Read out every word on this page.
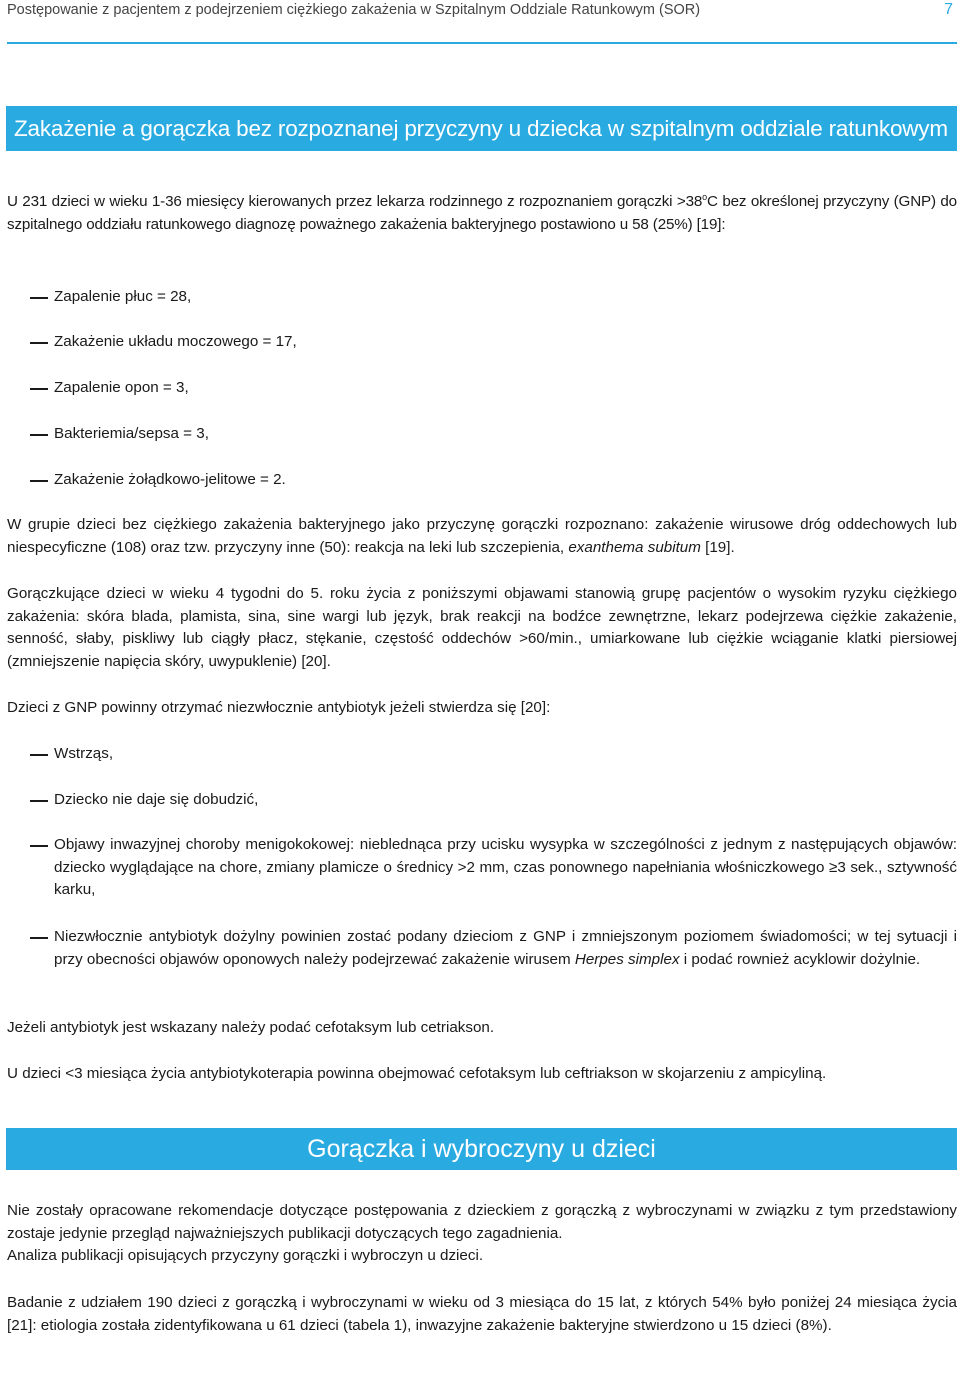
Postępowanie z pacjentem z podejrzeniem ciężkiego zakażenia w Szpitalnym Oddziale Ratunkowym (SOR)	7
Zakażenie a gorączka bez rozpoznanej przyczyny u dziecka w szpitalnym oddziale ratunkowym

U 231 dzieci w wieku 1-36 miesięcy kierowanych przez lekarza rodzinnego z rozpoznaniem gorączki $>38^oC$ bez określonej przyczyny (GNP) do szpitalnego oddziału ratunkowego diagnozę poważnego zakażenia bakteryjnego postawiono u 58 (25%) [19]:

Zapalenie płuc = 28,
Zakażenie układu moczowego = 17,
Zapalenie opon = 3,
Bakteriemia/sepsa = 3,
Zakażenie żołądkowo-jelitowe = 2.

W grupie dzieci bez ciężkiego zakażenia bakteryjnego jako przyczynę gorączki rozpoznano: zakażenie wirusowe dróg oddechowych lub niespecyficzne (108) oraz tzw. przyczyny inne (50): reakcja na leki lub szczepienia, exanthema subitum [19].

Gorączkujące dzieci w wieku 4 tygodni do 5. roku życia z poniższymi objawami stanowią grupę pacjentów o wysokim ryzyku ciężkiego zakażenia: skóra blada, plamista, sina, sine wargi lub język, brak reakcji na bodźce zewnętrzne, lekarz podejrzewa ciężkie zakażenie, senność, słaby, piskliwy lub ciągły płacz, stękanie, częstość oddechów >60/min., umiarkowane lub ciężkie wciąganie klatki piersiowej (zmniejszenie napięcia skóry, uwypuklenie) [20].

Dzieci z GNP powinny otrzymać niezwłocznie antybiotyk jeżeli stwierdza się [20]:

Wstrząs,
Dziecko nie daje się dobudzić,
Objawy inwazyjnej choroby menigokokowej: nieblednąca przy ucisku wysypka w szczególności z jednym z następujących objawów: dziecko wyglądające na chore, zmiany plamicze o średnicy >2 mm, czas ponownego napełniania włośniczkowego ≥3 sek., sztywność karku,
Niezwłocznie antybiotyk dożylny powinien zostać podany dzieciom z GNP i zmniejszonym poziomem świadomości; w tej sytuacji i przy obecności objawów oponowych należy podejrzewać zakażenie wirusem Herpes simplex i podać rownież acyklowir dożylnie.

Jeżeli antybiotyk jest wskazany należy podać cefotaksym lub cetriakson.

U dzieci <3 miesiąca życia antybiotykoterapia powinna obejmować cefotaksym lub ceftriakson w skojarzeniu z ampicyliną.

Gorączka i wybroczyny u dzieci

Nie zostały opracowane rekomendacje dotyczące postępowania z dzieckiem z gorączką z wybroczynami w związku z tym przedstawiony zostaje jedynie przegląd najważniejszych publikacji dotyczących tego zagadnienia.

Analiza publikacji opisujących przyczyny gorączki i wybroczyn u dzieci.

Badanie z udziałem 190 dzieci z gorączką i wybroczynami w wieku od 3 miesiąca do 15 lat, z których 54% było poniżej 24 miesiąca życia [21]: etiologia została zidentyfikowana u 61 dzieci (tabela 1), inwazyjne zakażenie bakteryjne stwierdzono u 15 dzieci (8%).
